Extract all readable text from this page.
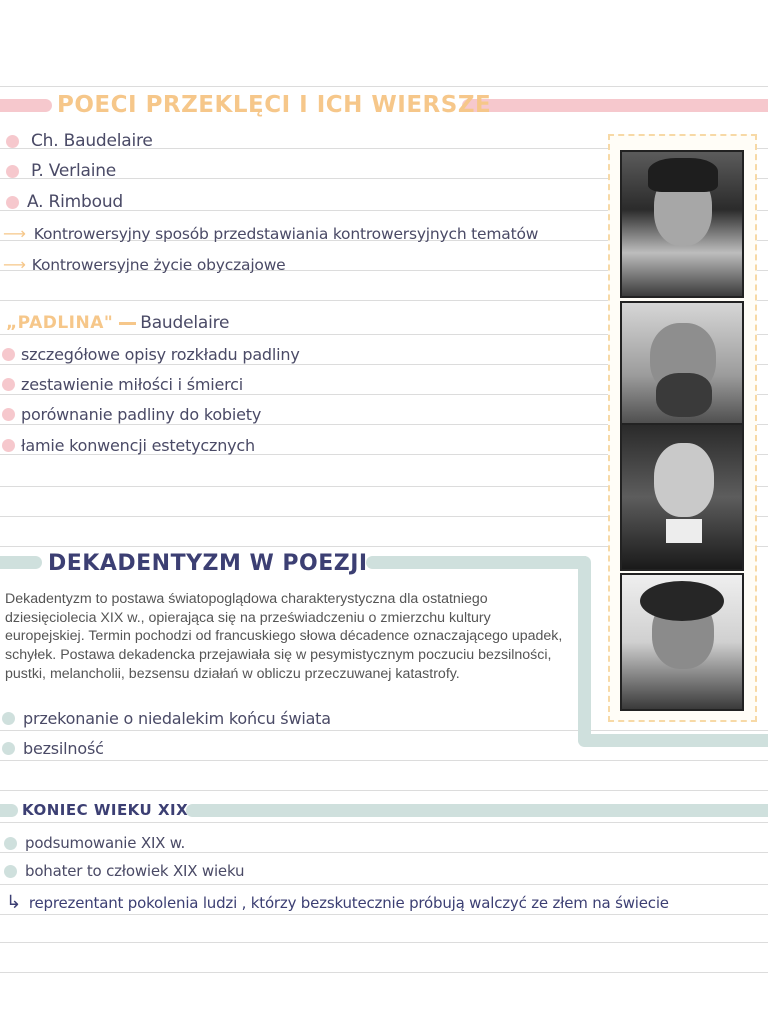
POECI PRZEKLĘCI I ICH WIERSZE
Ch. Baudelaire
P. Verlaine
A. Rimboud
⟶ Kontrowersyjny sposób przedstawiania kontrowersyjnych tematów
⟶ Kontrowersyjne życie obyczajowe
„PADLINA" Baudelaire
szczegółowe opisy rozkładu padliny
zestawienie miłości i śmierci
porównanie padliny do kobiety
łamie konwencji estetycznych
DEKADENTYZM W POEZJI
Dekadentyzm to postawa światopoglądowa charakterystyczna dla ostatniego dziesięciolecia XIX w., opierająca się na przeświadczeniu o zmierzchu kultury europejskiej. Termin pochodzi od francuskiego słowa décadence oznaczającego upadek, schyłek. Postawa dekadencka przejawiała się w pesymistycznym poczuciu bezsilności, pustki, melancholii, bezsensu działań w obliczu przeczuwanej katastrofy.
przekonanie o niedalekim końcu świata
bezsilność
KONIEC WIEKU XIX
podsumowanie XIX w.
bohater to człowiek XIX wieku
↳ reprezentant pokolenia ludzi , którzy bezskutecznie próbują walczyć ze złem na świecie
